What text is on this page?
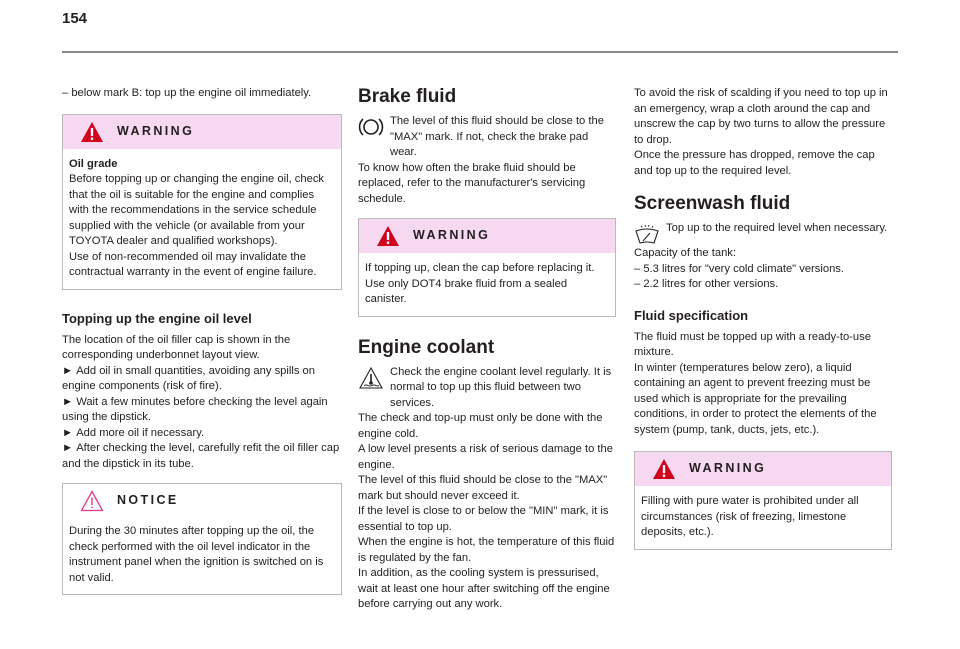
154

– below mark B: top up the engine oil immediately.

WARNING

Oil grade

Before topping up or changing the engine oil, check that the oil is suitable for the engine and complies with the recommendations in the service schedule supplied with the vehicle (or available from your TOYOTA dealer and qualified workshops).

Use of non-recommended oil may invalidate the contractual warranty in the event of engine failure.

Topping up the engine oil level

The location of the oil filler cap is shown in the corresponding underbonnet layout view.

► Add oil in small quantities, avoiding any spills on engine components (risk of fire).

► Wait a few minutes before checking the level again using the dipstick.

► Add more oil if necessary.

► After checking the level, carefully refit the oil filler cap and the dipstick in its tube.

NOTICE

During the 30 minutes after topping up the oil, the check performed with the oil level indicator in the instrument panel when the ignition is switched on is not valid.

Brake fluid

The level of this fluid should be close to the "MAX" mark. If not, check the brake pad wear.

To know how often the brake fluid should be replaced, refer to the manufacturer's servicing schedule.

WARNING

If topping up, clean the cap before replacing it. Use only DOT4 brake fluid from a sealed canister.

Engine coolant

Check the engine coolant level regularly. It is normal to top up this fluid between two services.

The check and top-up must only be done with the engine cold.

A low level presents a risk of serious damage to the engine.

The level of this fluid should be close to the "MAX" mark but should never exceed it.

If the level is close to or below the "MIN" mark, it is essential to top up.

When the engine is hot, the temperature of this fluid is regulated by the fan.

In addition, as the cooling system is pressurised, wait at least one hour after switching off the engine before carrying out any work.

To avoid the risk of scalding if you need to top up in an emergency, wrap a cloth around the cap and unscrew the cap by two turns to allow the pressure to drop.

Once the pressure has dropped, remove the cap and top up to the required level.

Screenwash fluid

Top up to the required level when necessary.

Capacity of the tank:

– 5.3 litres for "very cold climate" versions.

– 2.2 litres for other versions.

Fluid specification

The fluid must be topped up with a ready-to-use mixture.

In winter (temperatures below zero), a liquid containing an agent to prevent freezing must be used which is appropriate for the prevailing conditions, in order to protect the elements of the system (pump, tank, ducts, jets, etc.).

WARNING

Filling with pure water is prohibited under all circumstances (risk of freezing, limestone deposits, etc.).
